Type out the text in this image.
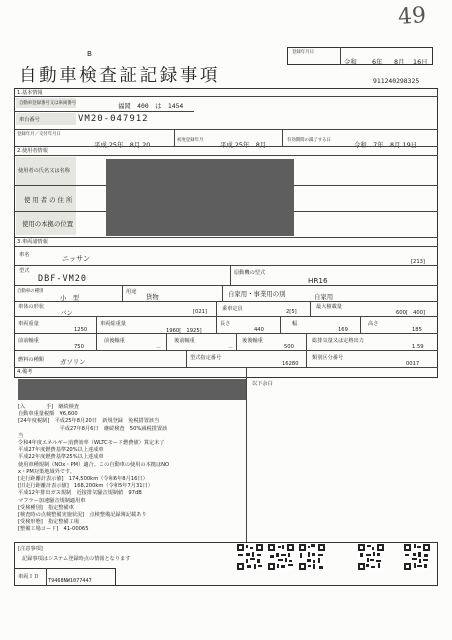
49
B	登録年月日
令和 6年 8月 16日
自動車検査証記録事項	911240298325
1.基本情報
自動車登録番号又は車両番号	福岡　400　は　1454
車台番号	VM20-047912
登録年月／交付年月日
平成 25年　8月 20
初度登録年月
平成 25年　8月
有効期間の満了する日
令和　7年　8月 19日
2.使用者情報
使用者の氏名又は名称
使用者の住所
使用の本拠の位置
3.車両諸情報
車名	ニッサン	[213]
型式
DBF-VM20
原動機の型式
HR16
自動車の種別
小　型
用途
貨物	自家用・事業用の別	自家用
車体の形状
バン	[021]	乗車定員	2[5]
最大積載量
600[　400]
車両重量
1250
車両総重量
1960[　1925]
長さ
440
幅
169
高さ
185
前前軸重
750
前後軸重
－
後前軸重
－
後後軸重
500
総排気量又は定格出力
1.59
燃料の種類	ガソリン	型式指定番号
16280
類別区分番号
0017
4.備考
以下余白
[入　　　　手]　継続検査
自動車重量税額　¥6,600
[24年度税制]　平成25年8月20日　新規登録　免税措置該当
　　　　　　　　平成27年8月6日　継続検査　50%減税措置該
当
令和4年度エネルギー消費効率（WLTCモード燃費値）算定未了
平成27年度燃費基準20%以上達成車
平成22年度燃費基準25%以上達成車
使用車種規制（NOx・PM）適合。この自動車の使用の本拠はNO
x・PM対策地域外です。
[走行距離計表示値]　174,500km（令和6年8月16日）
[旧走行距離計表示値]　168,200km（令和5年7月31日）
平成12年排出ガス規制　近接排気騒音規制値　97dB
マフラー加速騒音規制適用車
[受検種別]　指定整備車
[検査時の点検整備実施状況]　点検整備記録簿記載あり
[受検形態]　指定整備工場
[整備工場コード]　41-00065
[注意事項]
記録事項はシステム登録時点の情報となります
車両ＩＤ
T9468NW1077447
